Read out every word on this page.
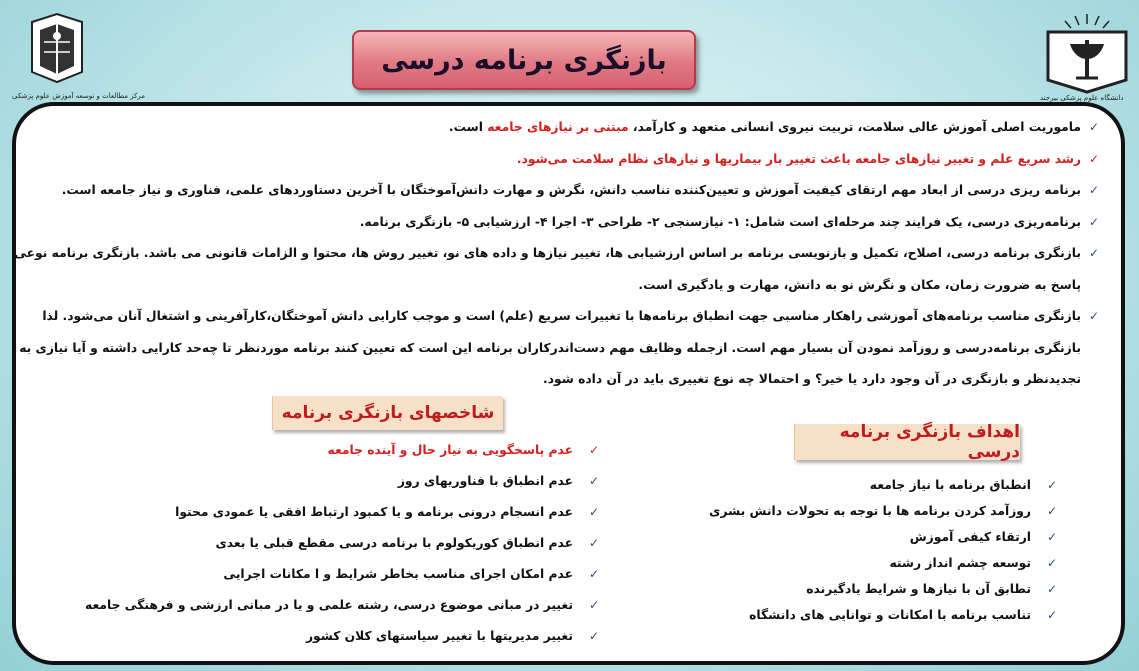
مرکز مطالعات و توسعه آموزش علوم پزشکی
بازنگری برنامه درسی
دانشگاه علوم پزشکی بیرجند
✓
ماموریت اصلی آموزش عالی سلامت، تربیت نیروی انسانی متعهد و کارآمد، مبتنی بر نیازهای جامعه است.
✓
رشد سریع علم و تغییر نیازهای جامعه باعث تغییر بار بیماریها و نیازهای نظام سلامت می‌شود.
✓
برنامه ریزی درسی از ابعاد مهم ارتقای کیفیت آموزش و تعیین‌کننده تناسب دانش، نگرش و مهارت دانش‌آموختگان با آخرین دستاوردهای علمی، فناوری و نیاز جامعه است.
✓
برنامه‌ریزی درسی، یک فرایند چند مرحله‌ای است شامل: ۱- نیازسنجی ۲- طراحی ۳- اجرا ۴- ارزشیابی ۵- بازنگری برنامه.
✓
بازنگری برنامه درسی، اصلاح، تکمیل و بازنویسی برنامه بر اساس ارزشیابی ها، تغییر نیازها و داده های نو، تغییر روش ها، محتوا و الزامات قانونی می باشد. بازنگری برنامه نوعی پاسخ به ضرورت زمان، مکان و نگرش نو به دانش، مهارت و یادگیری است.
✓
بازنگری مناسب برنامه‌های آموزشی راهکار مناسبی جهت انطباق برنامه‌ها با تغییرات سریع (علم) است و موجب کارایی دانش آموختگان،کارآفرینی و اشتغال آنان می‌شود. لذا بازنگری برنامه‌درسی و روزآمد نمودن آن بسیار مهم است. ازجمله وظایف مهم دست‌اندرکاران برنامه این است که تعیین کنند برنامه موردنظر تا چه‌حد کارایی داشته و آیا نیازی به تجدیدنظر و بازنگری در آن وجود دارد یا خیر؟ و احتمالا چه نوع تغییری باید در آن داده شود.
شاخصهای بازنگری برنامه
✓
عدم پاسخگویی به نیاز حال و آینده جامعه
✓
عدم انطباق با فناوریهای روز
✓
عدم انسجام درونی برنامه و یا کمبود ارتباط افقی یا عمودی محتوا
✓
عدم انطباق کوریکولوم با برنامه درسی مقطع قبلی یا بعدی
✓
عدم امکان اجرای مناسب بخاطر شرایط و ا مکانات اجرایی
✓
تغییر در مبانی موضوع درسی، رشته علمی و یا در مبانی ارزشی و فرهنگی جامعه
✓
تغییر مدیریتها با تغییر سیاستهای کلان کشور
اهداف بازنگری برنامه درسی
✓
انطباق برنامه با نیاز جامعه
✓
روزآمد کردن برنامه ها با توجه به تحولات دانش بشری
✓
ارتقاء کیفی آموزش
✓
توسعه چشم انداز رشته
✓
تطابق آن با نیازها و شرایط یادگیرنده
✓
تناسب برنامه با امکانات و توانایی های دانشگاه
